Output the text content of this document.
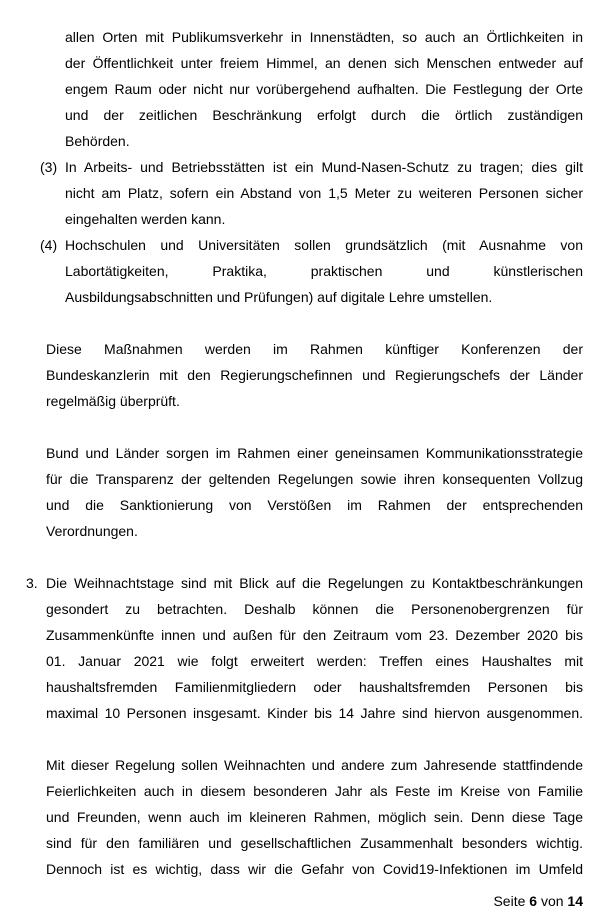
allen Orten mit Publikumsverkehr in Innenstädten, so auch an Örtlichkeiten in
der Öffentlichkeit unter freiem Himmel, an denen sich Menschen entweder auf
engem Raum oder nicht nur vorübergehend aufhalten. Die Festlegung der Orte
und der zeitlichen Beschränkung erfolgt durch die örtlich zuständigen
Behörden.
(3) In Arbeits- und Betriebsstätten ist ein Mund-Nasen-Schutz zu tragen; dies gilt
nicht am Platz, sofern ein Abstand von 1,5 Meter zu weiteren Personen sicher
eingehalten werden kann.
(4) Hochschulen und Universitäten sollen grundsätzlich (mit Ausnahme von
Labortätigkeiten, Praktika, praktischen und künstlerischen
Ausbildungsabschnitten und Prüfungen) auf digitale Lehre umstellen.
Diese Maßnahmen werden im Rahmen künftiger Konferenzen der
Bundeskanzlerin mit den Regierungschefinnen und Regierungschefs der Länder
regelmäßig überprüft.
Bund und Länder sorgen im Rahmen einer geneinsamen Kommunikationsstrategie
für die Transparenz der geltenden Regelungen sowie ihren konsequenten Vollzug
und die Sanktionierung von Verstößen im Rahmen der entsprechenden
Verordnungen.
3. Die Weihnachtstage sind mit Blick auf die Regelungen zu Kontaktbeschränkungen
gesondert zu betrachten. Deshalb können die Personenobergrenzen für
Zusammenkünfte innen und außen für den Zeitraum vom 23. Dezember 2020 bis
01. Januar 2021 wie folgt erweitert werden: Treffen eines Haushaltes mit
haushaltsfremden Familienmitgliedern oder haushaltsfremden Personen bis
maximal 10 Personen insgesamt. Kinder bis 14 Jahre sind hiervon ausgenommen.
Mit dieser Regelung sollen Weihnachten und andere zum Jahresende stattfindende
Feierlichkeiten auch in diesem besonderen Jahr als Feste im Kreise von Familie
und Freunden, wenn auch im kleineren Rahmen, möglich sein. Denn diese Tage
sind für den familiären und gesellschaftlichen Zusammenhalt besonders wichtig.
Dennoch ist es wichtig, dass wir die Gefahr von Covid19-Infektionen im Umfeld
Seite 6 von 14
